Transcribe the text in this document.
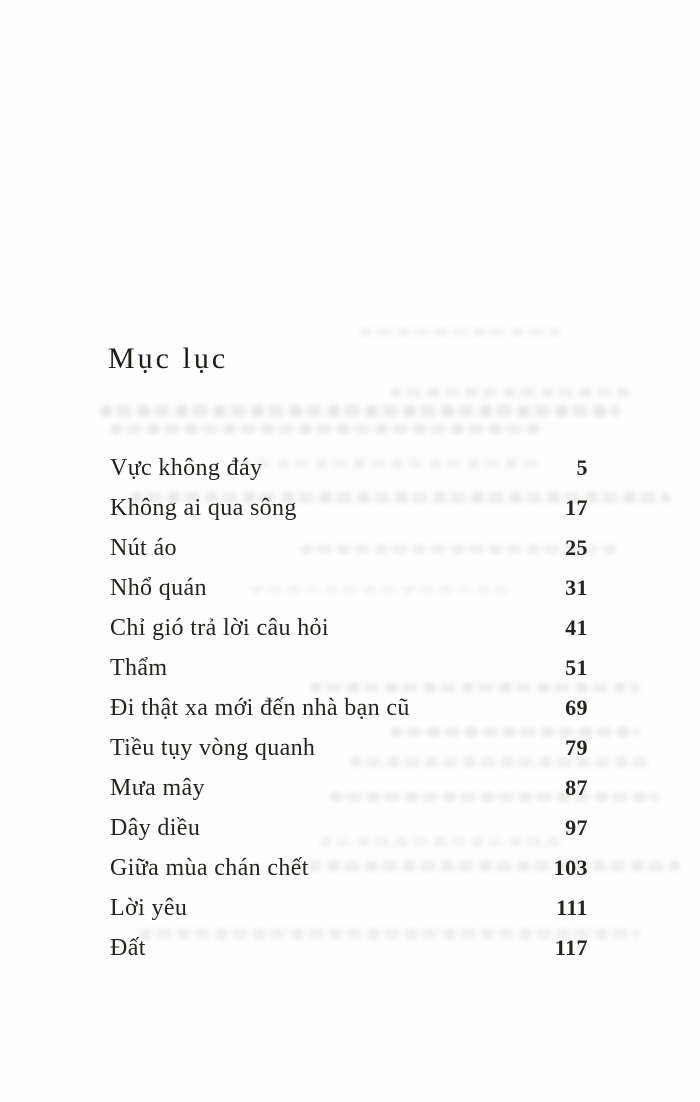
Mục lục
Vực không đáy	5
Không ai qua sông	17
Nút áo	25
Nhổ quán	31
Chỉ gió trả lời câu hỏi	41
Thẩm	51
Đi thật xa mới đến nhà bạn cũ	69
Tiều tụy vòng quanh	79
Mưa mây	87
Dây diều	97
Giữa mùa chán chết	103
Lời yêu	111
Đất	117
